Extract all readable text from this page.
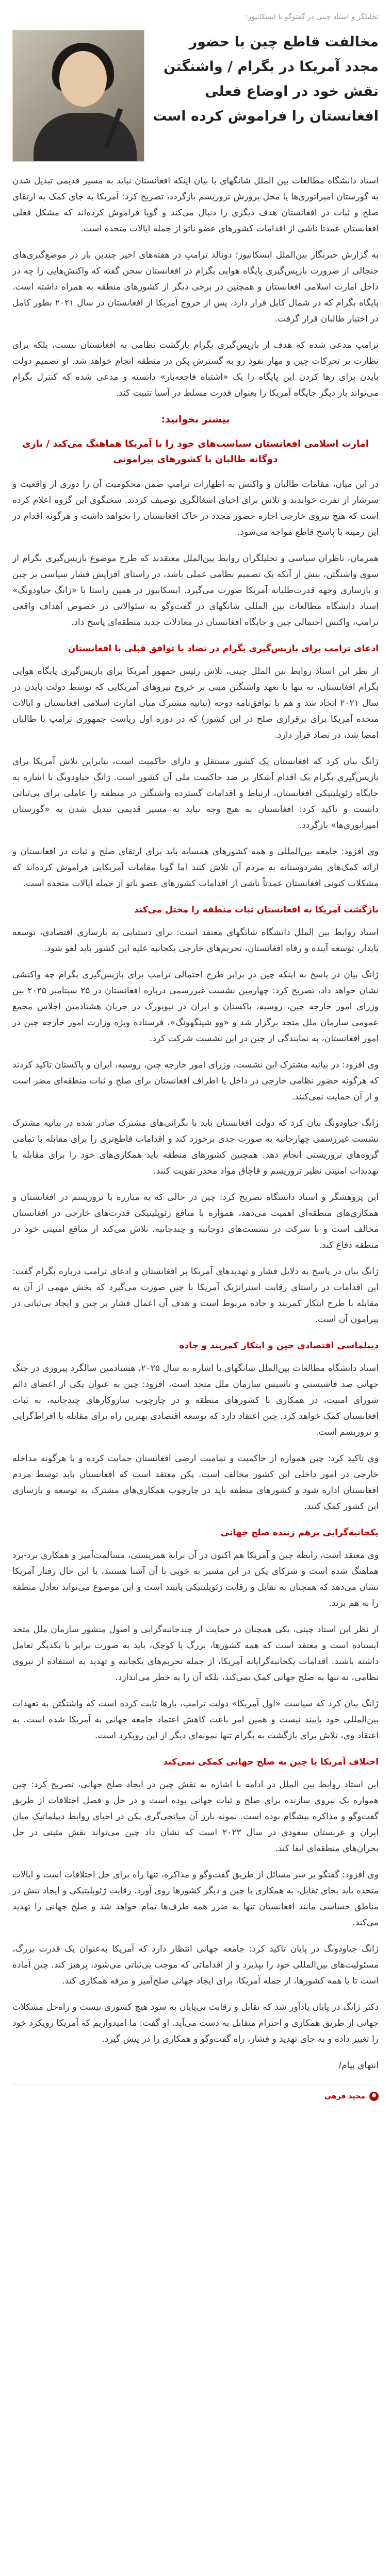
تحلیلگر و استاد چینی در گفتوگو با ایسکانیوز:
مخالفت قاطع چین با حضور مجدد آمریکا در بگرام / واشنگتن نقش خود در اوضاع فعلی افغانستان را فراموش کرده است

استاد دانشگاه مطالعات بین الملل شانگهای با بیان اینکه افغانستان نباید به مسیر قدیمی تبدیل شدن به گورستان امپراتوری‌ها یا محل پرورش تروریسم بازگردد، تصریح کرد: آمریکا به جای کمک به ارتقای صلح و ثبات در افغانستان هدف دیگری را دنبال می‌کند و گویا فراموش کرده‌اند که مشکل فعلی افغانستان عمدتا ناشی از اقدامات کشورهای عضو ناتو از جمله ایالات متحده است.

به گزارش خبرنگار بین‌الملل ایسکانیوز؛ دونالد ترامپ در هفته‌های اخیر چندین بار در موضع‌گیری‌های جنجالی از ضرورت بازپس‌گیری پایگاه هوایی بگرام در افغانستان سخن گفته که واکنش‌هایی را چه در داخل امارت اسلامی افغانستان و همچنین در برخی دیگر از کشورهای منطقه به همراه داشته است. پایگاه بگرام که در شمال کابل قرار دارد، پس از خروج آمریکا از افغانستان در سال ۲۰۲۱ بطور کامل در اختیار طالبان قرار گرفت.

ترامپ مدعی شده که هدف از بازپس‌گیری بگرام بازگشت نظامی به افغانستان نیست، بلکه برای نظارت بر تحرکات چین و مهار نفوذ رو به گسترش پکن در منطقه انجام خواهد شد. او تصمیم دولت بایدن برای رها کردن این پایگاه را یک «اشتباه فاجعه‌بار» دانسته و مدعی شده که کنترل بگرام می‌تواند بار دیگر جایگاه آمریکا را بعنوان قدرت مسلط در آسیا تثبیت کند.

بیشتر بخوانید:
امارت اسلامی افغانستان سیاست‌های خود را با آمریکا هماهنگ می‌کند / بازی دوگانه طالبان با کشورهای پیرامونی

در این میان، مقامات طالبان و واکنش به اظهارات ترامپ ضمن محکومیت آن را دوری از واقعیت و سرشار از نفرت خواندند و تلاش برای احیای اشغالگری توصیف کردند. سخنگوی این گروه اعلام کرده است که هیچ نیروی خارجی اجازه حضور مجدد در خاک افغانستان را نخواهد داشت و هرگونه اقدام در این زمینه با پاسخ قاطع مواجه می‌شود.

همزمان، ناظران سیاسی و تحلیلگران روابط بین‌الملل معتقدند که طرح موضوع بازپس‌گیری بگرام از سوی واشنگتن، بیش از آنکه یک تصمیم نظامی عملی باشد، در راستای افزایش فشار سیاسی بر چین و بازسازی وجهه قدرت‌طلبانه آمریکا صورت می‌گیرد. ایسکانیوز در همین راستا با «ژانگ جیاودونگ» استاد دانشگاه مطالعات بین المللی شانگهای در گفت‌وگو به سئوالاتی در خصوص اهداف واقعی ترامپ، واکنش احتمالی چین و جایگاه افغانستان در معادلات جدید منطقه‌ای پاسخ داد.

ادعای ترامپ برای بازپس‌گیری بگرام در تضاد با توافق قبلی با افغانستان

از نظر این استاد روابط بین الملل چینی، تلاش رئیس جمهور آمریکا برای بازپس‌گیری پایگاه هوایی بگرام افغانستان، نه تنها با تعهد واشنگتن مبنی بر خروج نیروهای آمریکایی که توسط دولت بایدن در سال ۲۰۲۱ اتخاذ شد و هم با توافق‌نامه دوحه (بیانیه مشترک میان امارت اسلامی افغانستان و ایالات متحده آمریکا برای برقراری صلح در این کشور) که در دوره اول ریاست جمهوری ترامپ با طالبان امضا شد، در تضاد قرار دارد.

ژانگ بیان کرد که افغانستان یک کشور مستقل و دارای حاکمیت است، بنابراین تلاش آمریکا برای بازپس‌گیری بگرام یک اقدام آشکار بر ضد حاکمیت ملی آن کشور است. ژانگ جیاودونگ با اشاره به جایگاه ژئوپلیتیکی افغانستان، ارتباط و اقدامات گسترده واشنگتن در منطقه را عاملی برای بی‌ثباتی دانست و تاکید کرد: افغانستان به هیچ وجه نباید به مسیر قدیمی تبدیل شدن به «گورستان امپراتوری‌ها» بازگردد.

وی افزود: جامعه بین‌المللی و همه کشورهای همسایه باید برای ارتقای صلح و ثبات در افغانستان و ارائه کمک‌های بشردوستانه به مردم آن تلاش کنند اما گویا مقامات آمریکایی فراموش کرده‌اند که مشکلات کنونی افغانستان عمدتاً ناشی از اقدامات کشورهای عضو ناتو از جمله ایالات متحده است.

بازگشت آمریکا به افغانستان ثبات منطقه را مختل می‌کند

استاد روابط بین الملل دانشگاه شانگهای معتقد است: برای دستیابی به بازسازی اقتصادی، توسعه پایدار، توسعه آینده و رفاه افغانستان، تحریم‌های خارجی یکجانبه علیه این کشور باید لغو شود.

ژانگ بیان در پاسخ به اینکه چین در برابر طرح احتمالی ترامپ برای بازپس‌گیری بگرام چه واکنشی نشان خواهد داد، تصریح کرد: چهارمین نشست غیررسمی درباره افغانستان در ۲۵ سپتامبر ۲۰۲۵ بین وزرای امور خارجه چین، روسیه، پاکستان و ایران در نیویورک در جریان هشتادمین اجلاس مجمع عمومی سازمان ملل متحد برگزار شد و «وو شینگهونگ»، فرستاده ویژه وزارت امور خارجه چین در امور افغانستان، به نمایندگی از چین در این نشست شرکت کرد.

وی افزود: در بیانیه مشترک این نشست، وزرای امور خارجه چین، روسیه، ایران و پاکستان تاکید کردند که هرگونه حضور نظامی خارجی در داخل یا اطراف افغانستان برای صلح و ثبات منطقه‌ای مضر است و از آن حمایت نمی‌کنند.

ژانگ جیاودونگ بیان کرد که دولت افغانستان باید با نگرانی‌های مشترک صادر شده در بیانیه مشترک نشست غیررسمی چهارجانبه به صورت جدی برخورد کند و اقدامات قاطع‌تری را برای مقابله با تمامی گروه‌های تروریستی انجام دهد. همچنین کشورهای منطقه باید همکاری‌های خود را برای مقابله با تهدیدات امنیتی نظیر تروریسم و قاچاق مواد مخدر تقویت کنند.

این پژوهشگر و استاد دانشگاه تصریح کرد: چین در حالی که به مبارزه با تروریسم در افغانستان و همکاری‌های منطقه‌ای اهمیت می‌دهد، همواره با منافع ژئوپلیتیکی قدرت‌های خارجی در افغانستان مخالف است و با شرکت در نشست‌های دوجانبه و چندجانبه، تلاش می‌کند از منافع امنیتی خود در منطقه دفاع کند.

ژانگ بیان در پاسخ به دلایل فشار و تهدیدهای آمریکا بر افغانستان و ادعای ترامپ درباره بگرام گفت: این اقدامات در راستای رقابت استراتژیک آمریکا با چین صورت می‌گیرد که بخش مهمی از آن به مقابله با طرح ابتکار کمربند و جاده مربوط است و هدف آن اعمال فشار بر چین و ایجاد بی‌ثباتی در پیرامون آن است.

دیپلماسی اقتصادی چین و ابتکار کمربند و جاده

استاد دانشگاه مطالعات بین‌الملل شانگهای با اشاره به سال ۲۰۲۵، هشتادمین سالگرد پیروزی در جنگ جهانی ضد فاشیستی و تاسیس سازمان ملل متحد است، افزود: چین به عنوان یکی از اعضای دائم شورای امنیت، در همکاری با کشورهای منطقه و در چارچوب سازوکارهای چندجانبه، به ثبات افغانستان کمک خواهد کرد. چین اعتقاد دارد که توسعه اقتصادی بهترین راه برای مقابله با افراط‌گرایی و تروریسم است.

وی تاکید کرد: چین همواره از حاکمیت و تمامیت ارضی افغانستان حمایت کرده و با هرگونه مداخله خارجی در امور داخلی این کشور مخالف است. پکن معتقد است که افغانستان باید توسط مردم افغانستان اداره شود و کشورهای منطقه باید در چارچوب همکاری‌های مشترک به توسعه و بازسازی این کشور کمک کنند.

یکجانبه‌گرایی برهم زننده صلح جهانی

وی معتقد است، رابطه چین و آمریکا هم اکنون در آن برابه همزیستی، مسالمت‌آمیز و همکاری برد-برد هماهنگ شده است و شرکای پکن در این مسیر به خوبی با آن آشنا هستند، با این حال رفتار آمریکا نشان می‌دهد که همچنان به تقابل و رقابت ژئوپلیتیکی پایبند است و این موضوع می‌تواند تعادل منطقه را به هم بزند.

از نظر این استاد چینی، یکی همچنان در حمایت از چندجانبه‌گرایی و اصول منشور سازمان ملل متحد ایستاده است و معتقد است که همه کشورها، بزرگ یا کوچک، باید به صورت برابر با یکدیگر تعامل داشته باشند. اقدامات یکجانبه‌گرایانه آمریکا، از جمله تحریم‌های یکجانبه و تهدید به استفاده از نیروی نظامی، نه تنها به صلح جهانی کمک نمی‌کند، بلکه آن را به خطر می‌اندازد.

ژانگ بیان کرد که سیاست «اول آمریکا» دولت ترامپ، بارها ثابت کرده است که واشنگتن به تعهدات بین‌المللی خود پایبند نیست و همین امر باعث کاهش اعتماد جامعه جهانی به آمریکا شده است. به اعتقاد وی، تلاش برای بازگشت به بگرام تنها نمونه‌ای دیگر از این رویکرد است.

اختلاف آمریکا با چین به صلح جهانی کمکی نمی‌کند

این استاد روابط بین الملل در ادامه با اشاره به نقش چین در ایجاد صلح جهانی، تصریح کرد: چین همواره یک نیروی سازنده برای صلح و ثبات جهانی بوده است و در حل و فصل اختلافات از طریق گفت‌وگو و مذاکره پیشگام بوده است. نمونه بارز آن میانجی‌گری پکن در احیای روابط دیپلماتیک میان ایران و عربستان سعودی در سال ۲۰۲۳ است که نشان داد چین می‌تواند نقش مثبتی در حل بحران‌های منطقه‌ای ایفا کند.

وی افزود: گفتگو بر سر مسائل از طریق گفت‌وگو و مذاکره، تنها راه برای حل اختلافات است و ایالات متحده باید بجای تقابل، به همکاری با چین و دیگر کشورها روی آورد. رقابت ژئوپلیتیکی و ایجاد تنش در مناطق حساسی مانند افغانستان تنها به ضرر همه طرف‌ها تمام خواهد شد و صلح جهانی را تهدید می‌کند.

ژانگ جیاودونگ در پایان تاکید کرد: جامعه جهانی انتظار دارد که آمریکا به‌عنوان یک قدرت بزرگ، مسئولیت‌های بین‌المللی خود را بپذیرد و از اقداماتی که موجب بی‌ثباتی می‌شود، پرهیز کند. چین آماده است تا با همه کشورها، از جمله آمریکا، برای ایجاد جهانی صلح‌آمیز و مرفه همکاری کند.

دکتر ژانگ در پایان یادآور شد که تقابل و رقابت بی‌پایان به سود هیچ کشوری نیست و راه‌حل مشکلات جهانی از طریق همکاری و احترام متقابل به دست می‌آید. او گفت: ما امیدواریم که آمریکا رویکرد خود را تغییر داده و به جای تهدید و فشار، راه گفت‌وگو و همکاری را در پیش گیرد.

انتهای پیام/
مجید قرهی
